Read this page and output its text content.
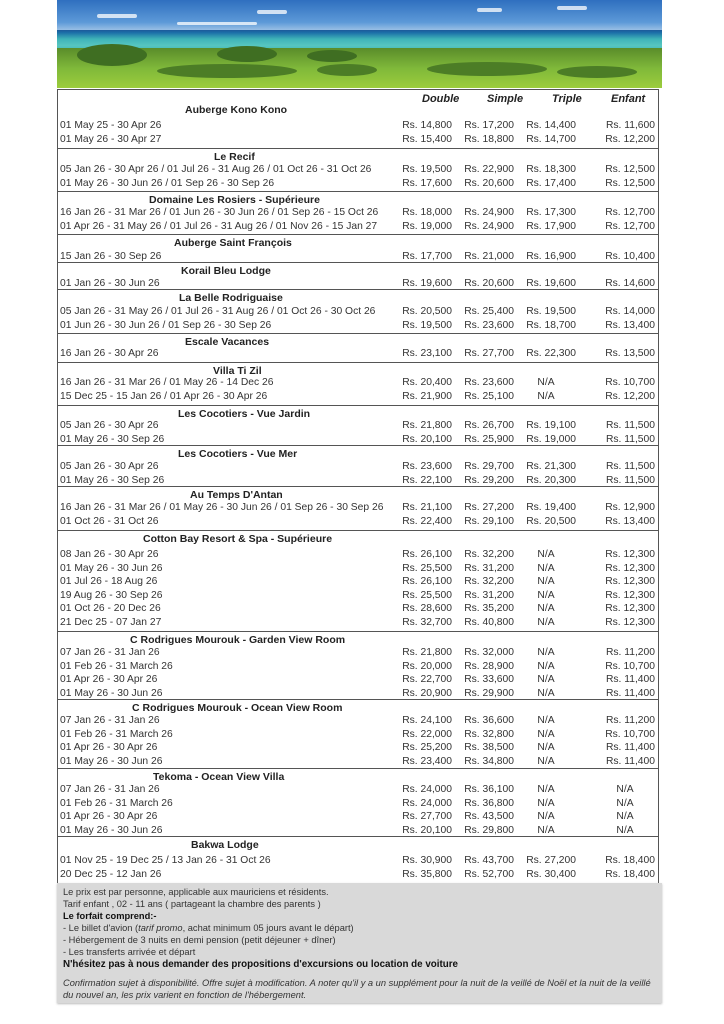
Double	Simple	Triple	Enfant
Auberge Kono Kono
01 May 25 - 30 Apr 26	Rs. 14,800	Rs. 17,200	Rs. 14,400	Rs. 11,600
01 May 26 - 30 Apr 27	Rs. 15,400	Rs. 18,800	Rs. 14,700	Rs. 12,200
Le Recif
05 Jan 26 - 30 Apr 26 / 01 Jul 26 - 31 Aug 26 / 01 Oct 26 - 31 Oct 26	Rs. 19,500	Rs. 22,900	Rs. 18,300	Rs. 12,500
01 May 26 - 30 Jun 26 / 01 Sep 26 - 30 Sep 26	Rs. 17,600	Rs. 20,600	Rs. 17,400	Rs. 12,500
Domaine Les Rosiers - Supérieure
16 Jan 26 - 31 Mar 26 / 01 Jun 26 - 30 Jun 26 / 01 Sep 26 - 15 Oct 26	Rs. 18,000	Rs. 24,900	Rs. 17,300	Rs. 12,700
01 Apr 26 - 31 May 26 / 01 Jul 26 - 31 Aug 26 / 01 Nov 26 - 15 Jan 27	Rs. 19,000	Rs. 24,900	Rs. 17,900	Rs. 12,700
Auberge Saint François
15 Jan 26 - 30 Sep 26	Rs. 17,700	Rs. 21,000	Rs. 16,900	Rs. 10,400
Korail Bleu Lodge
01 Jan 26 - 30 Jun 26	Rs. 19,600	Rs. 20,600	Rs. 19,600	Rs. 14,600
La Belle Rodriguaise
05 Jan 26 - 31 May 26 / 01 Jul 26 - 31 Aug 26 / 01 Oct 26 - 30 Oct 26	Rs. 20,500	Rs. 25,400	Rs. 19,500	Rs. 14,000
01 Jun 26 - 30 Jun 26 / 01 Sep 26 - 30 Sep 26	Rs. 19,500	Rs. 23,600	Rs. 18,700	Rs. 13,400
Escale Vacances
16 Jan 26 - 30 Apr 26	Rs. 23,100	Rs. 27,700	Rs. 22,300	Rs. 13,500
Villa Ti Zil
16 Jan 26 - 31 Mar 26 / 01 May 26 - 14 Dec 26	Rs. 20,400	Rs. 23,600	N/A	Rs. 10,700
15 Dec 25 - 15 Jan 26 / 01 Apr 26 - 30 Apr 26	Rs. 21,900	Rs. 25,100	N/A	Rs. 12,200
Les Cocotiers - Vue Jardin
05 Jan 26 - 30 Apr 26	Rs. 21,800	Rs. 26,700	Rs. 19,100	Rs. 11,500
01 May 26 - 30 Sep 26	Rs. 20,100	Rs. 25,900	Rs. 19,000	Rs. 11,500
Les Cocotiers - Vue Mer
05 Jan 26 - 30 Apr 26	Rs. 23,600	Rs. 29,700	Rs. 21,300	Rs. 11,500
01 May 26 - 30 Sep 26	Rs. 22,100	Rs. 29,200	Rs. 20,300	Rs. 11,500
Au Temps D'Antan
16 Jan 26 - 31 Mar 26 / 01 May 26 - 30 Jun 26 / 01 Sep 26 - 30 Sep 26	Rs. 21,100	Rs. 27,200	Rs. 19,400	Rs. 12,900
01 Oct 26 - 31 Oct 26	Rs. 22,400	Rs. 29,100	Rs. 20,500	Rs. 13,400
Cotton Bay Resort & Spa - Supérieure
08 Jan 26 - 30 Apr 26	Rs. 26,100	Rs. 32,200	N/A	Rs. 12,300
01 May 26 - 30 Jun 26	Rs. 25,500	Rs. 31,200	N/A	Rs. 12,300
01 Jul 26 - 18 Aug 26	Rs. 26,100	Rs. 32,200	N/A	Rs. 12,300
19 Aug 26 - 30 Sep 26	Rs. 25,500	Rs. 31,200	N/A	Rs. 12,300
01 Oct 26 - 20 Dec 26	Rs. 28,600	Rs. 35,200	N/A	Rs. 12,300
21 Dec 25 - 07 Jan 27	Rs. 32,700	Rs. 40,800	N/A	Rs. 12,300
C Rodrigues Mourouk - Garden View Room
07 Jan 26 - 31 Jan 26	Rs. 21,800	Rs. 32,000	N/A	Rs. 11,200
01 Feb 26 - 31 March 26	Rs. 20,000	Rs. 28,900	N/A	Rs. 10,700
01 Apr 26 - 30 Apr 26	Rs. 22,700	Rs. 33,600	N/A	Rs. 11,400
01 May 26 - 30 Jun 26	Rs. 20,900	Rs. 29,900	N/A	Rs. 11,400
C Rodrigues Mourouk - Ocean View Room
07 Jan 26 - 31 Jan 26	Rs. 24,100	Rs. 36,600	N/A	Rs. 11,200
01 Feb 26 - 31 March 26	Rs. 22,000	Rs. 32,800	N/A	Rs. 10,700
01 Apr 26 - 30 Apr 26	Rs. 25,200	Rs. 38,500	N/A	Rs. 11,400
01 May 26 - 30 Jun 26	Rs. 23,400	Rs. 34,800	N/A	Rs. 11,400
Tekoma - Ocean View Villa
07 Jan 26 - 31 Jan 26	Rs. 24,000	Rs. 36,100	N/A	N/A
01 Feb 26 - 31 March 26	Rs. 24,000	Rs. 36,800	N/A	N/A
01 Apr 26 - 30 Apr 26	Rs. 27,700	Rs. 43,500	N/A	N/A
01 May 26 - 30 Jun 26	Rs. 20,100	Rs. 29,800	N/A	N/A
Bakwa Lodge
01 Nov 25 - 19 Dec 25 / 13 Jan 26 - 31 Oct 26	Rs. 30,900	Rs. 43,700	Rs. 27,200	Rs. 18,400
20 Dec 25 - 12 Jan 26	Rs. 35,800	Rs. 52,700	Rs. 30,400	Rs. 18,400
Le prix est par personne, applicable aux mauriciens et résidents.
Tarif enfant , 02 - 11 ans ( partageant la chambre des parents )
Le forfait comprend:-
- Le billet d'avion (tarif promo, achat minimum 05 jours avant le départ)
- Hébergement de 3 nuits en demi pension (petit déjeuner + dîner)
- Les transferts arrivée et départ
N'hésitez pas à nous demander des propositions d'excursions ou location de voiture
Confirmation sujet à disponibilité. Offre sujet à modification. A noter qu'il y a un supplément pour la nuit de la veillé de Noël et la nuit de la veillé
du nouvel an, les prix varient en fonction de l'hébergement.
